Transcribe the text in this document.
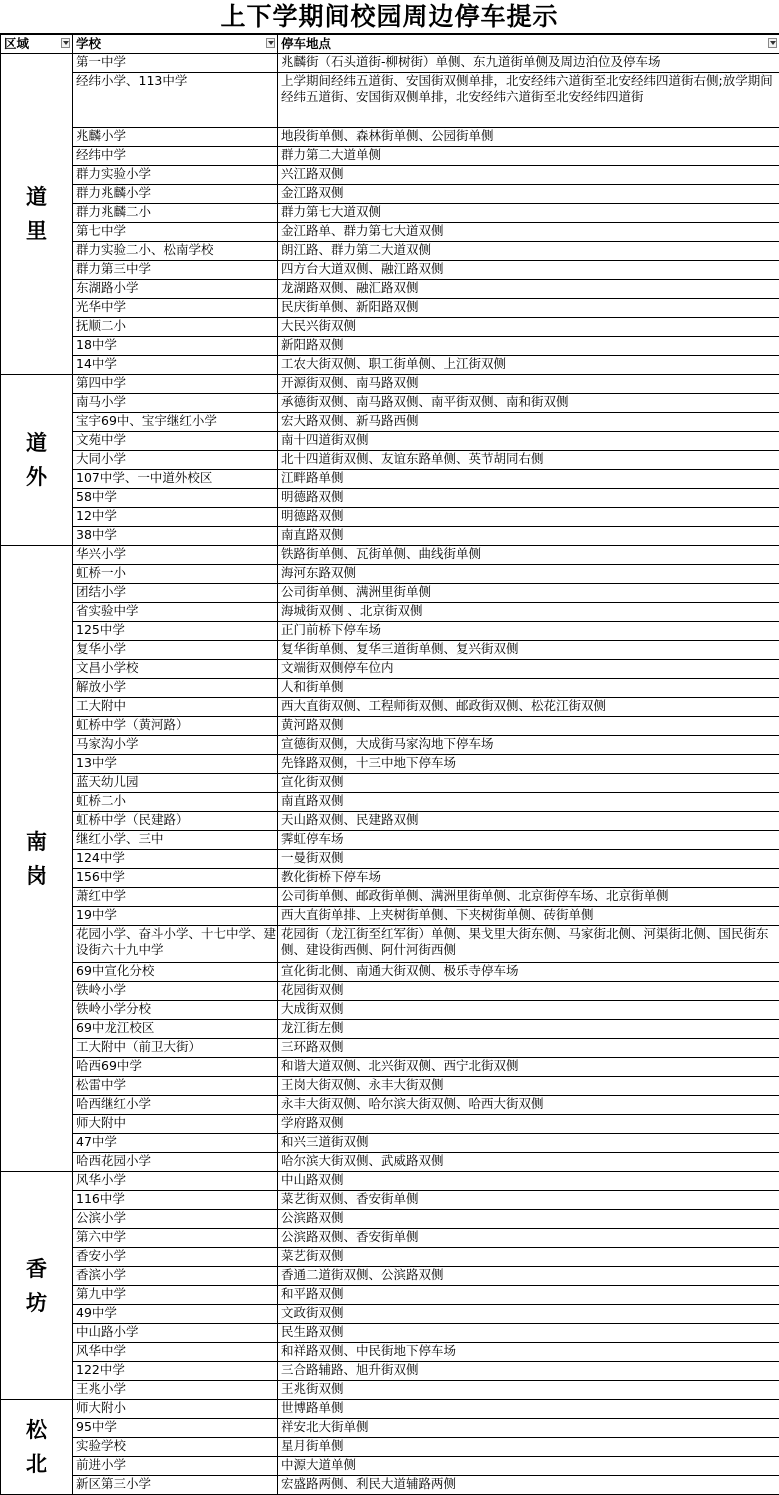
上下学期间校园周边停车提示
区域	学校	停车地点

道里	第一中学	兆麟街（石头道街-柳树街）单侧、东九道街单侧及周边泊位及停车场
	经纬小学、113中学	上学期间经纬五道街、安国街双侧单排，北安经纬六道街至北安经纬四道街右侧;放学期间经纬五道街、安国街双侧单排，北安经纬六道街至北安经纬四道街
	兆麟小学	地段街单侧、森林街单侧、公园街单侧
	经纬中学	群力第二大道单侧
	群力实验小学	兴江路双侧
	群力兆麟小学	金江路双侧
	群力兆麟二小	群力第七大道双侧
	第七中学	金江路单、群力第七大道双侧
	群力实验二小、松南学校	朗江路、群力第二大道双侧
	群力第三中学	四方台大道双侧、融江路双侧
	东湖路小学	龙湖路双侧、融汇路双侧
	光华中学	民庆街单侧、新阳路双侧
	抚顺二小	大民兴街双侧
	18中学	新阳路双侧
	14中学	工农大街双侧、职工街单侧、上江街双侧

道外	第四中学	开源街双侧、南马路双侧
	南马小学	承德街双侧、南马路双侧、南平街双侧、南和街双侧
	宝宇69中、宝宇继红小学	宏大路双侧、新马路西侧
	文苑中学	南十四道街双侧
	大同小学	北十四道街双侧、友谊东路单侧、英节胡同右侧
	107中学、一中道外校区	江畔路单侧
	58中学	明德路双侧
	12中学	明德路双侧
	38中学	南直路双侧

南岗	华兴小学	铁路街单侧、瓦街单侧、曲线街单侧
	虹桥一小	海河东路双侧
	团结小学	公司街单侧、满洲里街单侧
	省实验中学	海城街双侧 、北京街双侧
	125中学	正门前桥下停车场
	复华小学	复华街单侧、复华三道街单侧、复兴街双侧
	文昌小学校	文端街双侧停车位内
	解放小学	人和街单侧
	工大附中	西大直街双侧、工程师街双侧、邮政街双侧、松花江街双侧
	虹桥中学（黄河路）	黄河路双侧
	马家沟小学	宣德街双侧，大成街马家沟地下停车场
	13中学	先锋路双侧，十三中地下停车场
	蓝天幼儿园	宣化街双侧
	虹桥二小	南直路双侧
	虹桥中学（民建路）	天山路双侧、民建路双侧
	继红小学、三中	霁虹停车场
	124中学	一曼街双侧
	156中学	教化街桥下停车场
	萧红中学	公司街单侧、邮政街单侧、满洲里街单侧、北京街停车场、北京街单侧
	19中学	西大直街单排、上夹树街单侧、下夹树街单侧、砖街单侧
	花园小学、奋斗小学、十七中学、建设街六十九中学	花园街（龙江街至红军街）单侧、果戈里大街东侧、马家街北侧、河渠街北侧、国民街东侧、建设街西侧、阿什河街西侧
	69中宣化分校	宣化街北侧、南通大街双侧、极乐寺停车场
	铁岭小学	花园街双侧
	铁岭小学分校	大成街双侧
	69中龙江校区	龙江街左侧
	工大附中（前卫大街）	三环路双侧
	哈西69中学	和谐大道双侧、北兴街双侧、西宁北街双侧
	松雷中学	王岗大街双侧、永丰大街双侧
	哈西继红小学	永丰大街双侧、哈尔滨大街双侧、哈西大街双侧
	师大附中	学府路双侧
	47中学	和兴三道街双侧
	哈西花园小学	哈尔滨大街双侧、武威路双侧

香坊	风华小学	中山路双侧
	116中学	菜艺街双侧、香安街单侧
	公滨小学	公滨路双侧
	第六中学	公滨路双侧、香安街单侧
	香安小学	菜艺街双侧
	香滨小学	香通二道街双侧、公滨路双侧
	第九中学	和平路双侧
	49中学	文政街双侧
	中山路小学	民生路双侧
	风华中学	和祥路双侧、中民街地下停车场
	122中学	三合路辅路、旭升街双侧
	王兆小学	王兆街双侧

松北	师大附小	世博路单侧
	95中学	祥安北大街单侧
	实验学校	星月街单侧
	前进小学	中源大道单侧
	新区第三小学	宏盛路两侧、利民大道辅路两侧
